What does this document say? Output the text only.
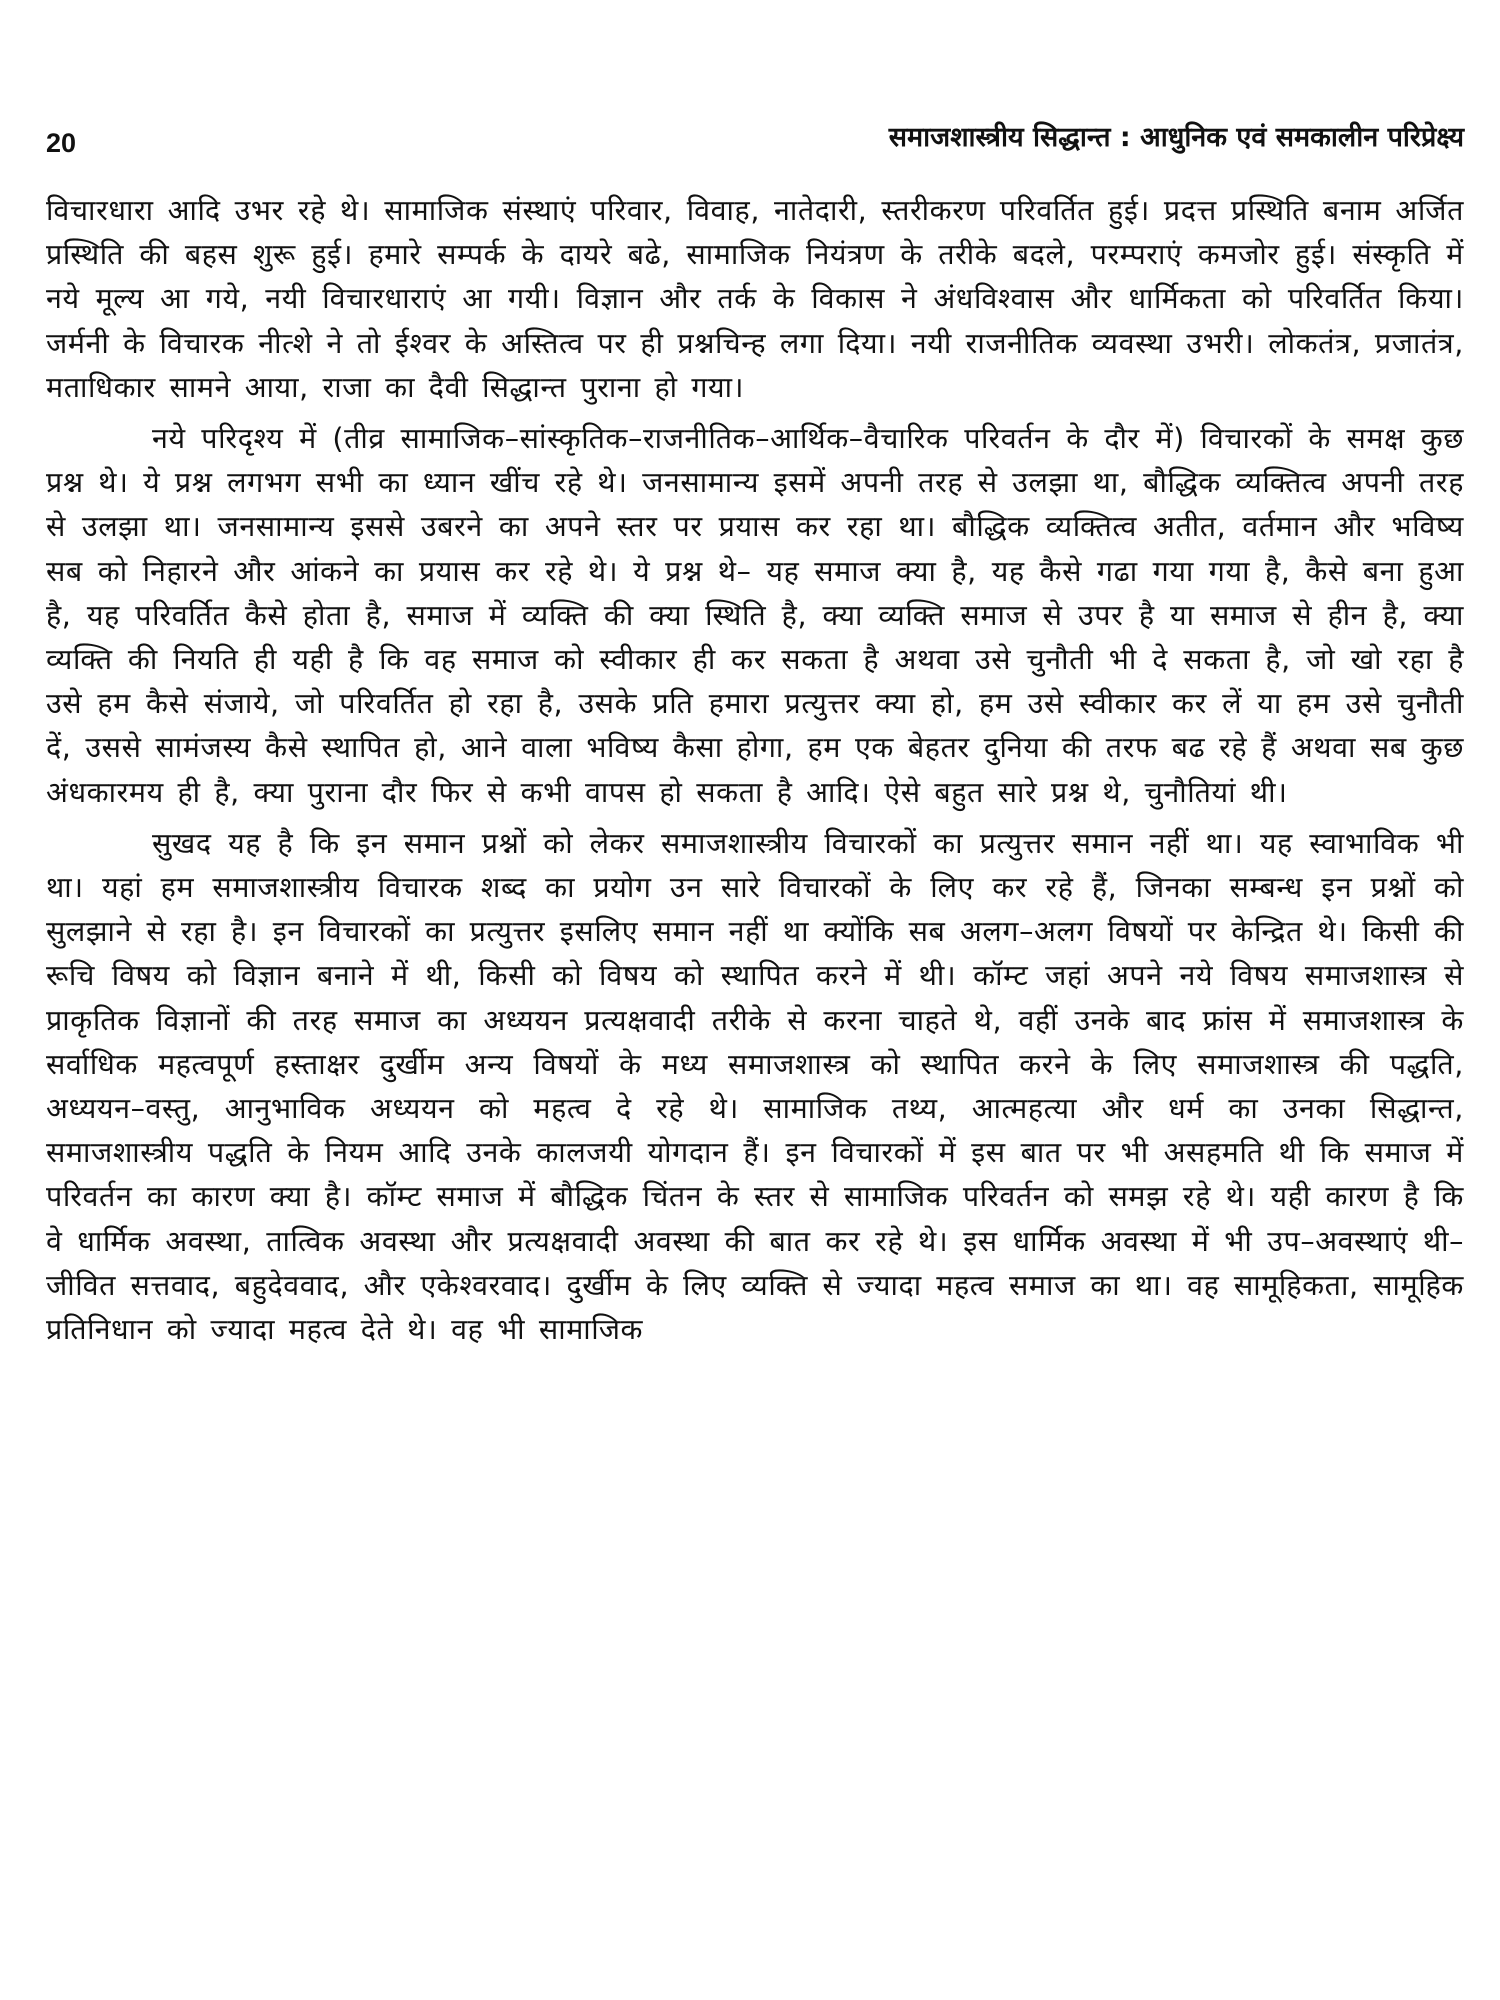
20	समाजशास्त्रीय सिद्धान्त : आधुनिक एवं समकालीन परिप्रेक्ष्य

विचारधारा आदि उभर रहे थे। सामाजिक संस्थाएं परिवार, विवाह, नातेदारी, स्तरीकरण परिवर्तित हुई। प्रदत्त प्रस्थिति बनाम अर्जित प्रस्थिति की बहस शुरू हुई। हमारे सम्पर्क के दायरे बढे, सामाजिक नियंत्रण के तरीके बदले, परम्पराएं कमजोर हुई। संस्कृति में नये मूल्य आ गये, नयी विचारधाराएं आ गयी। विज्ञान और तर्क के विकास ने अंधविश्वास और धार्मिकता को परिवर्तित किया। जर्मनी के विचारक नीत्शे ने तो ईश्वर के अस्तित्व पर ही प्रश्नचिन्ह लगा दिया। नयी राजनीतिक व्यवस्था उभरी। लोकतंत्र, प्रजातंत्र, मताधिकार सामने आया, राजा का दैवी सिद्धान्त पुराना हो गया।

नये परिदृश्य में (तीव्र सामाजिक–सांस्कृतिक–राजनीतिक–आर्थिक–वैचारिक परिवर्तन के दौर में) विचारकों के समक्ष कुछ प्रश्न थे। ये प्रश्न लगभग सभी का ध्यान खींच रहे थे। जनसामान्य इसमें अपनी तरह से उलझा था, बौद्धिक व्यक्तित्व अपनी तरह से उलझा था। जनसामान्य इससे उबरने का अपने स्तर पर प्रयास कर रहा था। बौद्धिक व्यक्तित्व अतीत, वर्तमान और भविष्य सब को निहारने और आंकने का प्रयास कर रहे थे। ये प्रश्न थे– यह समाज क्या है, यह कैसे गढा गया गया है, कैसे बना हुआ है, यह परिवर्तित कैसे होता है, समाज में व्यक्ति की क्या स्थिति है, क्या व्यक्ति समाज से उपर है या समाज से हीन है, क्या व्यक्ति की नियति ही यही है कि वह समाज को स्वीकार ही कर सकता है अथवा उसे चुनौती भी दे सकता है, जो खो रहा है उसे हम कैसे संजाये, जो परिवर्तित हो रहा है, उसके प्रति हमारा प्रत्युत्तर क्या हो, हम उसे स्वीकार कर लें या हम उसे चुनौती दें, उससे सामंजस्य कैसे स्थापित हो, आने वाला भविष्य कैसा होगा, हम एक बेहतर दुनिया की तरफ बढ रहे हैं अथवा सब कुछ अंधकारमय ही है, क्या पुराना दौर फिर से कभी वापस हो सकता है आदि। ऐसे बहुत सारे प्रश्न थे, चुनौतियां थी।

सुखद यह है कि इन समान प्रश्नों को लेकर समाजशास्त्रीय विचारकों का प्रत्युत्तर समान नहीं था। यह स्वाभाविक भी था। यहां हम समाजशास्त्रीय विचारक शब्द का प्रयोग उन सारे विचारकों के लिए कर रहे हैं, जिनका सम्बन्ध इन प्रश्नों को सुलझाने से रहा है। इन विचारकों का प्रत्युत्तर इसलिए समान नहीं था क्योंकि सब अलग–अलग विषयों पर केन्द्रित थे। किसी की रूचि विषय को विज्ञान बनाने में थी, किसी को विषय को स्थापित करने में थी। कॉम्ट जहां अपने नये विषय समाजशास्त्र से प्राकृतिक विज्ञानों की तरह समाज का अध्ययन प्रत्यक्षवादी तरीके से करना चाहते थे, वहीं उनके बाद फ्रांस में समाजशास्त्र के सर्वाधिक महत्वपूर्ण हस्ताक्षर दुर्खीम अन्य विषयों के मध्य समाजशास्त्र को स्थापित करने के लिए समाजशास्त्र की पद्धति, अध्ययन–वस्तु, आनुभाविक अध्ययन को महत्व दे रहे थे। सामाजिक तथ्य, आत्महत्या और धर्म का उनका सिद्धान्त, समाजशास्त्रीय पद्धति के नियम आदि उनके कालजयी योगदान हैं। इन विचारकों में इस बात पर भी असहमति थी कि समाज में परिवर्तन का कारण क्या है। कॉम्ट समाज में बौद्धिक चिंतन के स्तर से सामाजिक परिवर्तन को समझ रहे थे। यही कारण है कि वे धार्मिक अवस्था, तात्विक अवस्था और प्रत्यक्षवादी अवस्था की बात कर रहे थे। इस धार्मिक अवस्था में भी उप–अवस्थाएं थी– जीवित सत्तवाद, बहुदेववाद, और एकेश्वरवाद। दुर्खीम के लिए व्यक्ति से ज्यादा महत्व समाज का था। वह सामूहिकता, सामूहिक प्रतिनिधान को ज्यादा महत्व देते थे। वह भी सामाजिक
